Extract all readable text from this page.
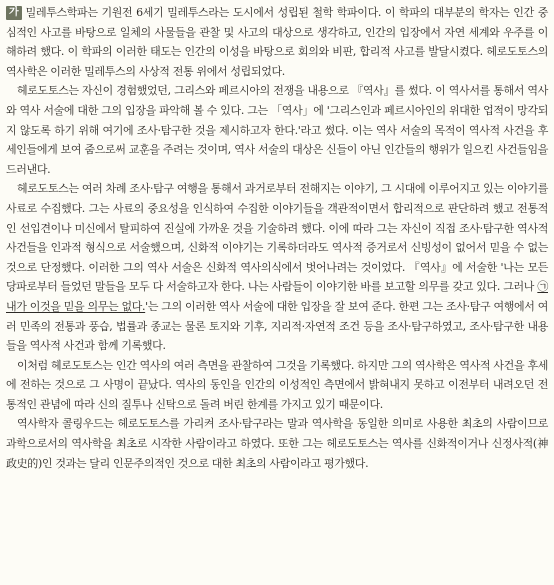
가 밀레투스학파는 기원전 6세기 밀레투스라는 도시에서 성립된 철학 학파이다. 이 학파의 대부분의 학자는 인간 중심적인 사고를 바탕으로 일체의 사물들을 관찰 및 사고의 대상으로 생각하고, 인간의 입장에서 자연 세계와 우주를 이해하려 했다. 이 학파의 이러한 태도는 인간의 이성을 바탕으로 회의와 비판, 합리적 사고를 발달시켰다. 헤로도토스의 역사학은 이러한 밀레투스의 사상적 전통 위에서 성립되었다.

헤로도토스는 자신이 경험했었던, 그리스와 페르시아의 전쟁을 내용으로 『역사』를 썼다. 이 역사서를 통해서 역사와 역사 서술에 대한 그의 입장을 파악해 볼 수 있다. 그는 「역사」에 '그리스인과 페르시아인의 위대한 업적이 망각되지 않도록 하기 위해 여기에 조사·탐구한 것을 제시하고자 한다.'라고 썼다. 이는 역사 서술의 목적이 역사적 사건을 후세인들에게 보여 줌으로써 교훈을 주려는 것이며, 역사 서술의 대상은 신들이 아닌 인간들의 행위가 일으킨 사건들임을 드러낸다.

헤로도토스는 여러 차례 조사·탐구 여행을 통해서 과거로부터 전해지는 이야기, 그 시대에 이루어지고 있는 이야기를 사료로 수집했다. 그는 사료의 중요성을 인식하여 수집한 이야기들을 객관적이면서 합리적으로 판단하려 했고 전통적인 선입견이나 미신에서 탈피하여 진실에 가까운 것을 기술하려 했다. 이에 따라 그는 자신이 직접 조사·탐구한 역사적 사건들을 인과적 형식으로 서술했으며, 신화적 이야기는 기록하더라도 역사적 증거로서 신빙성이 없어서 믿을 수 없는 것으로 단정했다. 이러한 그의 역사 서술은 신화적 역사의식에서 벗어나려는 것이었다. 『역사』에 서술한 '나는 모든 당파로부터 들었던 말들을 모두 다 서술하고자 한다. 나는 사람들이 이야기한 바를 보고할 의무를 갖고 있다. 그러나 ㉠내가 이것을 믿을 의무는 없다.'는 그의 이러한 역사 서술에 대한 입장을 잘 보여 준다. 한편 그는 조사·탐구 여행에서 여러 민족의 전통과 풍습, 법률과 종교는 물론 토지와 기후, 지리적·자연적 조건 등을 조사·탐구하였고, 조사·탐구한 내용들을 역사적 사건과 함께 기록했다.

이처럼 헤로도토스는 인간 역사의 여러 측면을 관찰하여 그것을 기록했다. 하지만 그의 역사학은 역사적 사건을 후세에 전하는 것으로 그 사명이 끝났다. 역사의 동인을 인간의 이성적인 측면에서 밝혀내지 못하고 이전부터 내려오던 전통적인 관념에 따라 신의 질투나 신탁으로 돌려 버린 한계를 가지고 있기 때문이다.

역사학자 콜링우드는 헤로도토스를 가리켜 조사·탐구라는 말과 역사학을 동일한 의미로 사용한 최초의 사람이므로 과학으로서의 역사학을 최초로 시작한 사람이라고 하였다. 또한 그는 헤로도토스는 역사를 신화적이거나 신정사적(神政史的)인 것과는 달리 인문주의적인 것으로 대한 최초의 사람이라고 평가했다.
